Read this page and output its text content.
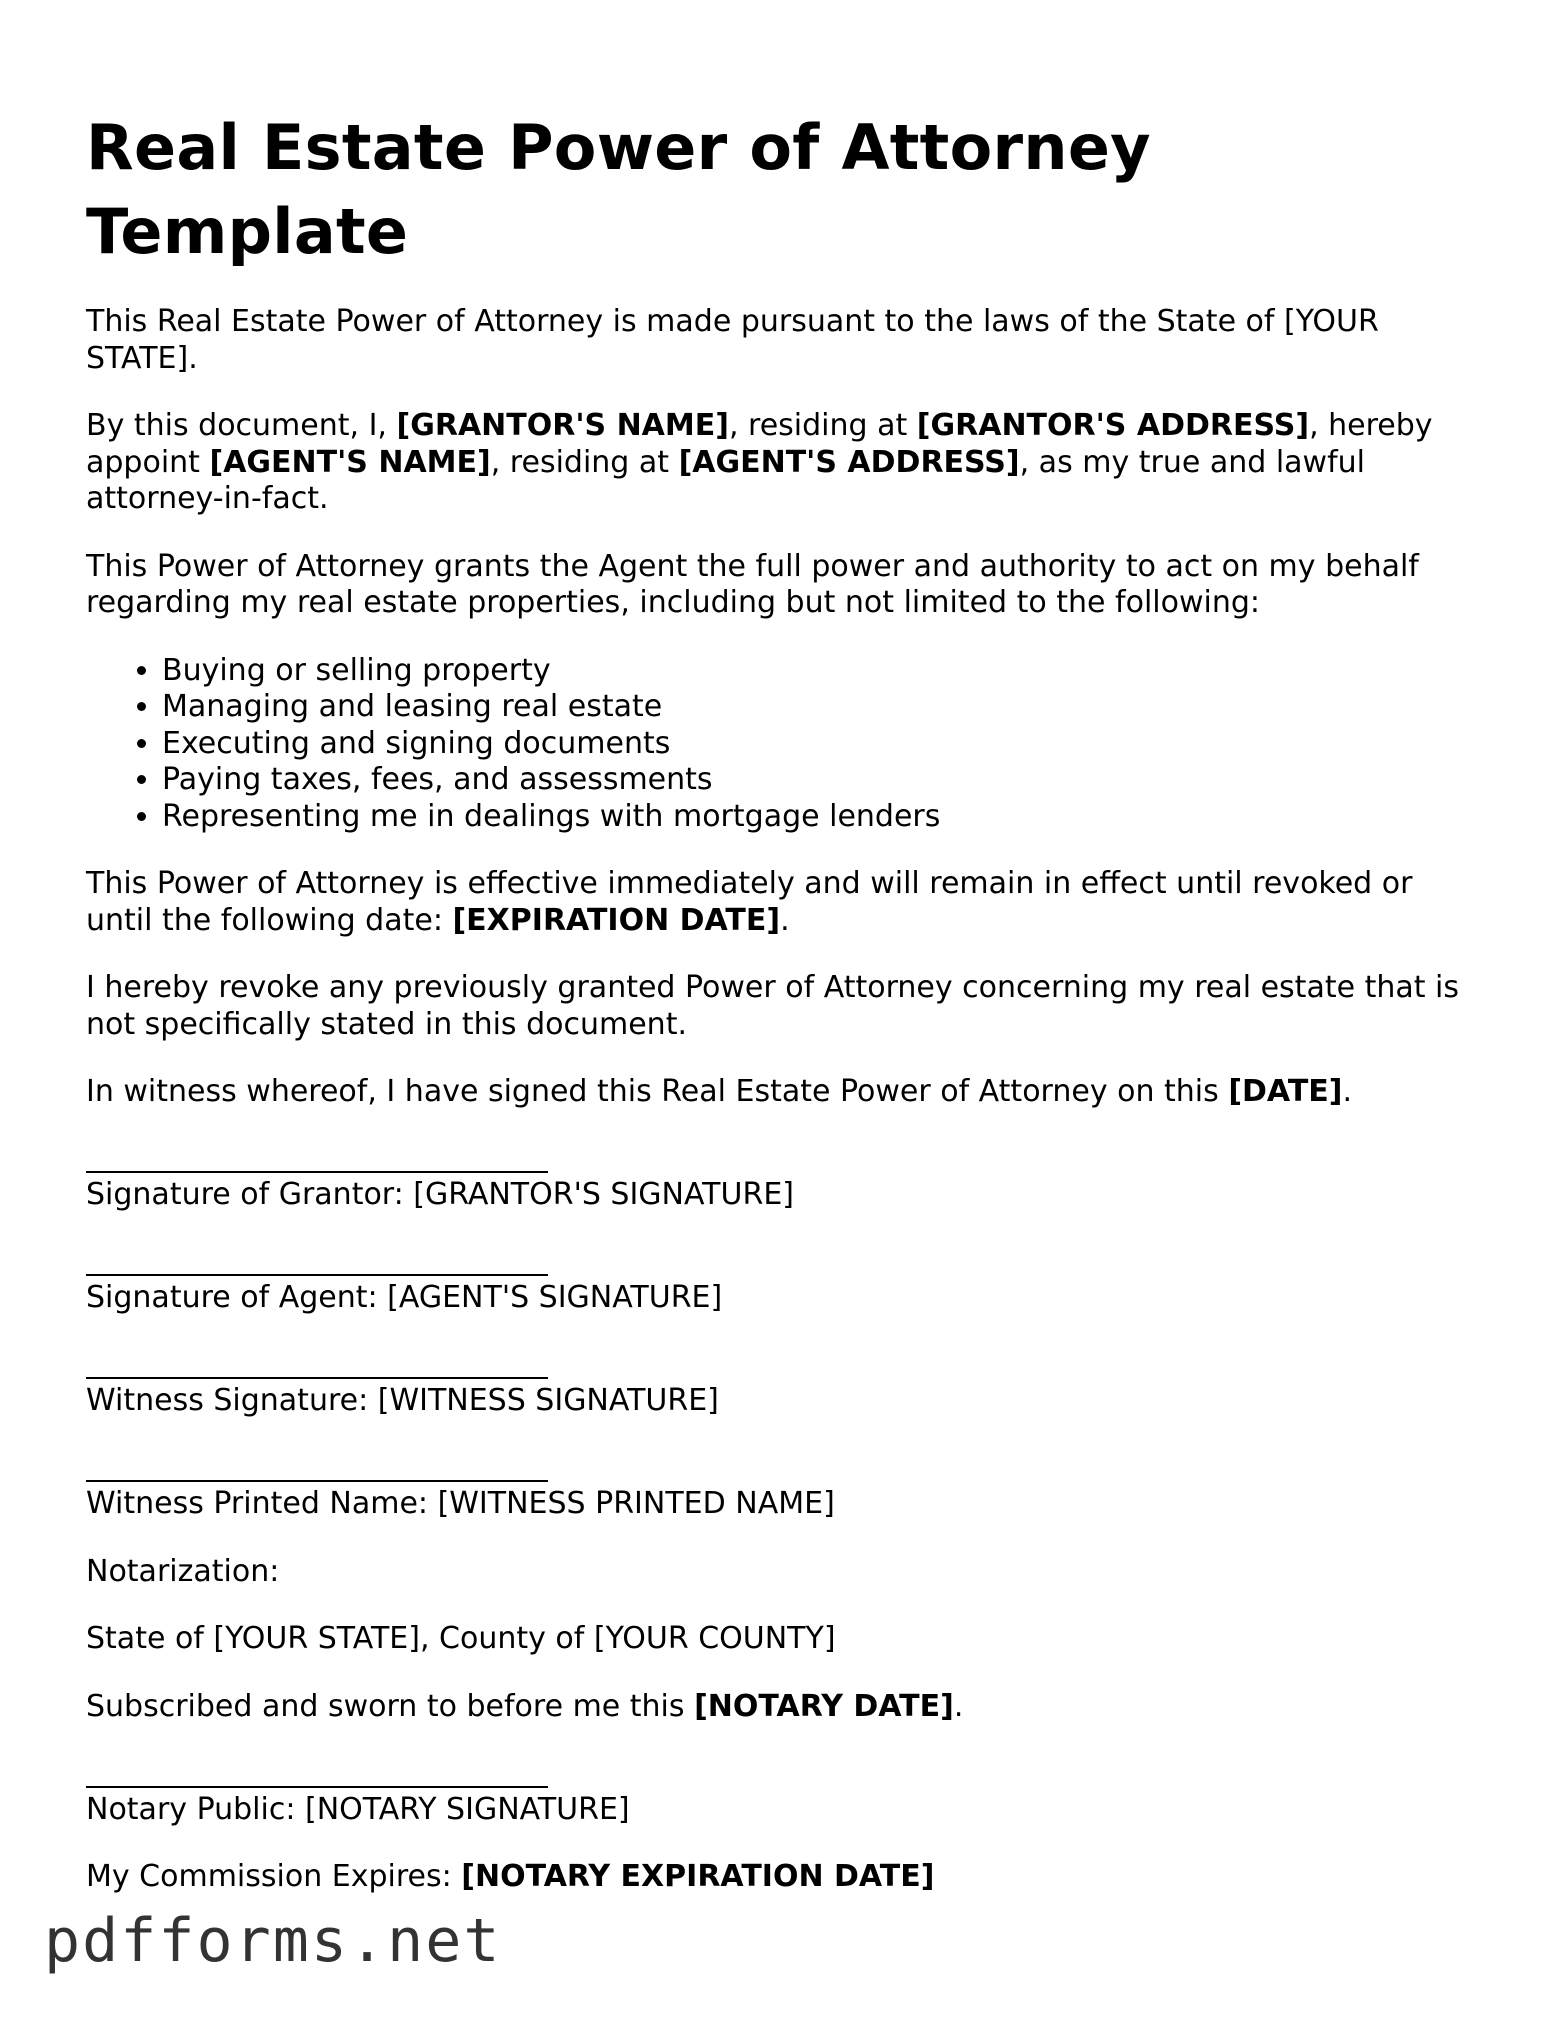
Real Estate Power of Attorney Template

This Real Estate Power of Attorney is made pursuant to the laws of the State of [YOUR STATE].

By this document, I, [GRANTOR'S NAME], residing at [GRANTOR'S ADDRESS], hereby appoint [AGENT'S NAME], residing at [AGENT'S ADDRESS], as my true and lawful attorney-in-fact.

This Power of Attorney grants the Agent the full power and authority to act on my behalf regarding my real estate properties, including but not limited to the following:

• Buying or selling property
• Managing and leasing real estate
• Executing and signing documents
• Paying taxes, fees, and assessments
• Representing me in dealings with mortgage lenders

This Power of Attorney is effective immediately and will remain in effect until revoked or until the following date: [EXPIRATION DATE].

I hereby revoke any previously granted Power of Attorney concerning my real estate that is not specifically stated in this document.

In witness whereof, I have signed this Real Estate Power of Attorney on this [DATE].

Signature of Grantor: [GRANTOR'S SIGNATURE]
Signature of Agent: [AGENT'S SIGNATURE]
Witness Signature: [WITNESS SIGNATURE]
Witness Printed Name: [WITNESS PRINTED NAME]

Notarization:

State of [YOUR STATE], County of [YOUR COUNTY]

Subscribed and sworn to before me this [NOTARY DATE].

Notary Public: [NOTARY SIGNATURE]

My Commission Expires: [NOTARY EXPIRATION DATE]

pdfforms.net
